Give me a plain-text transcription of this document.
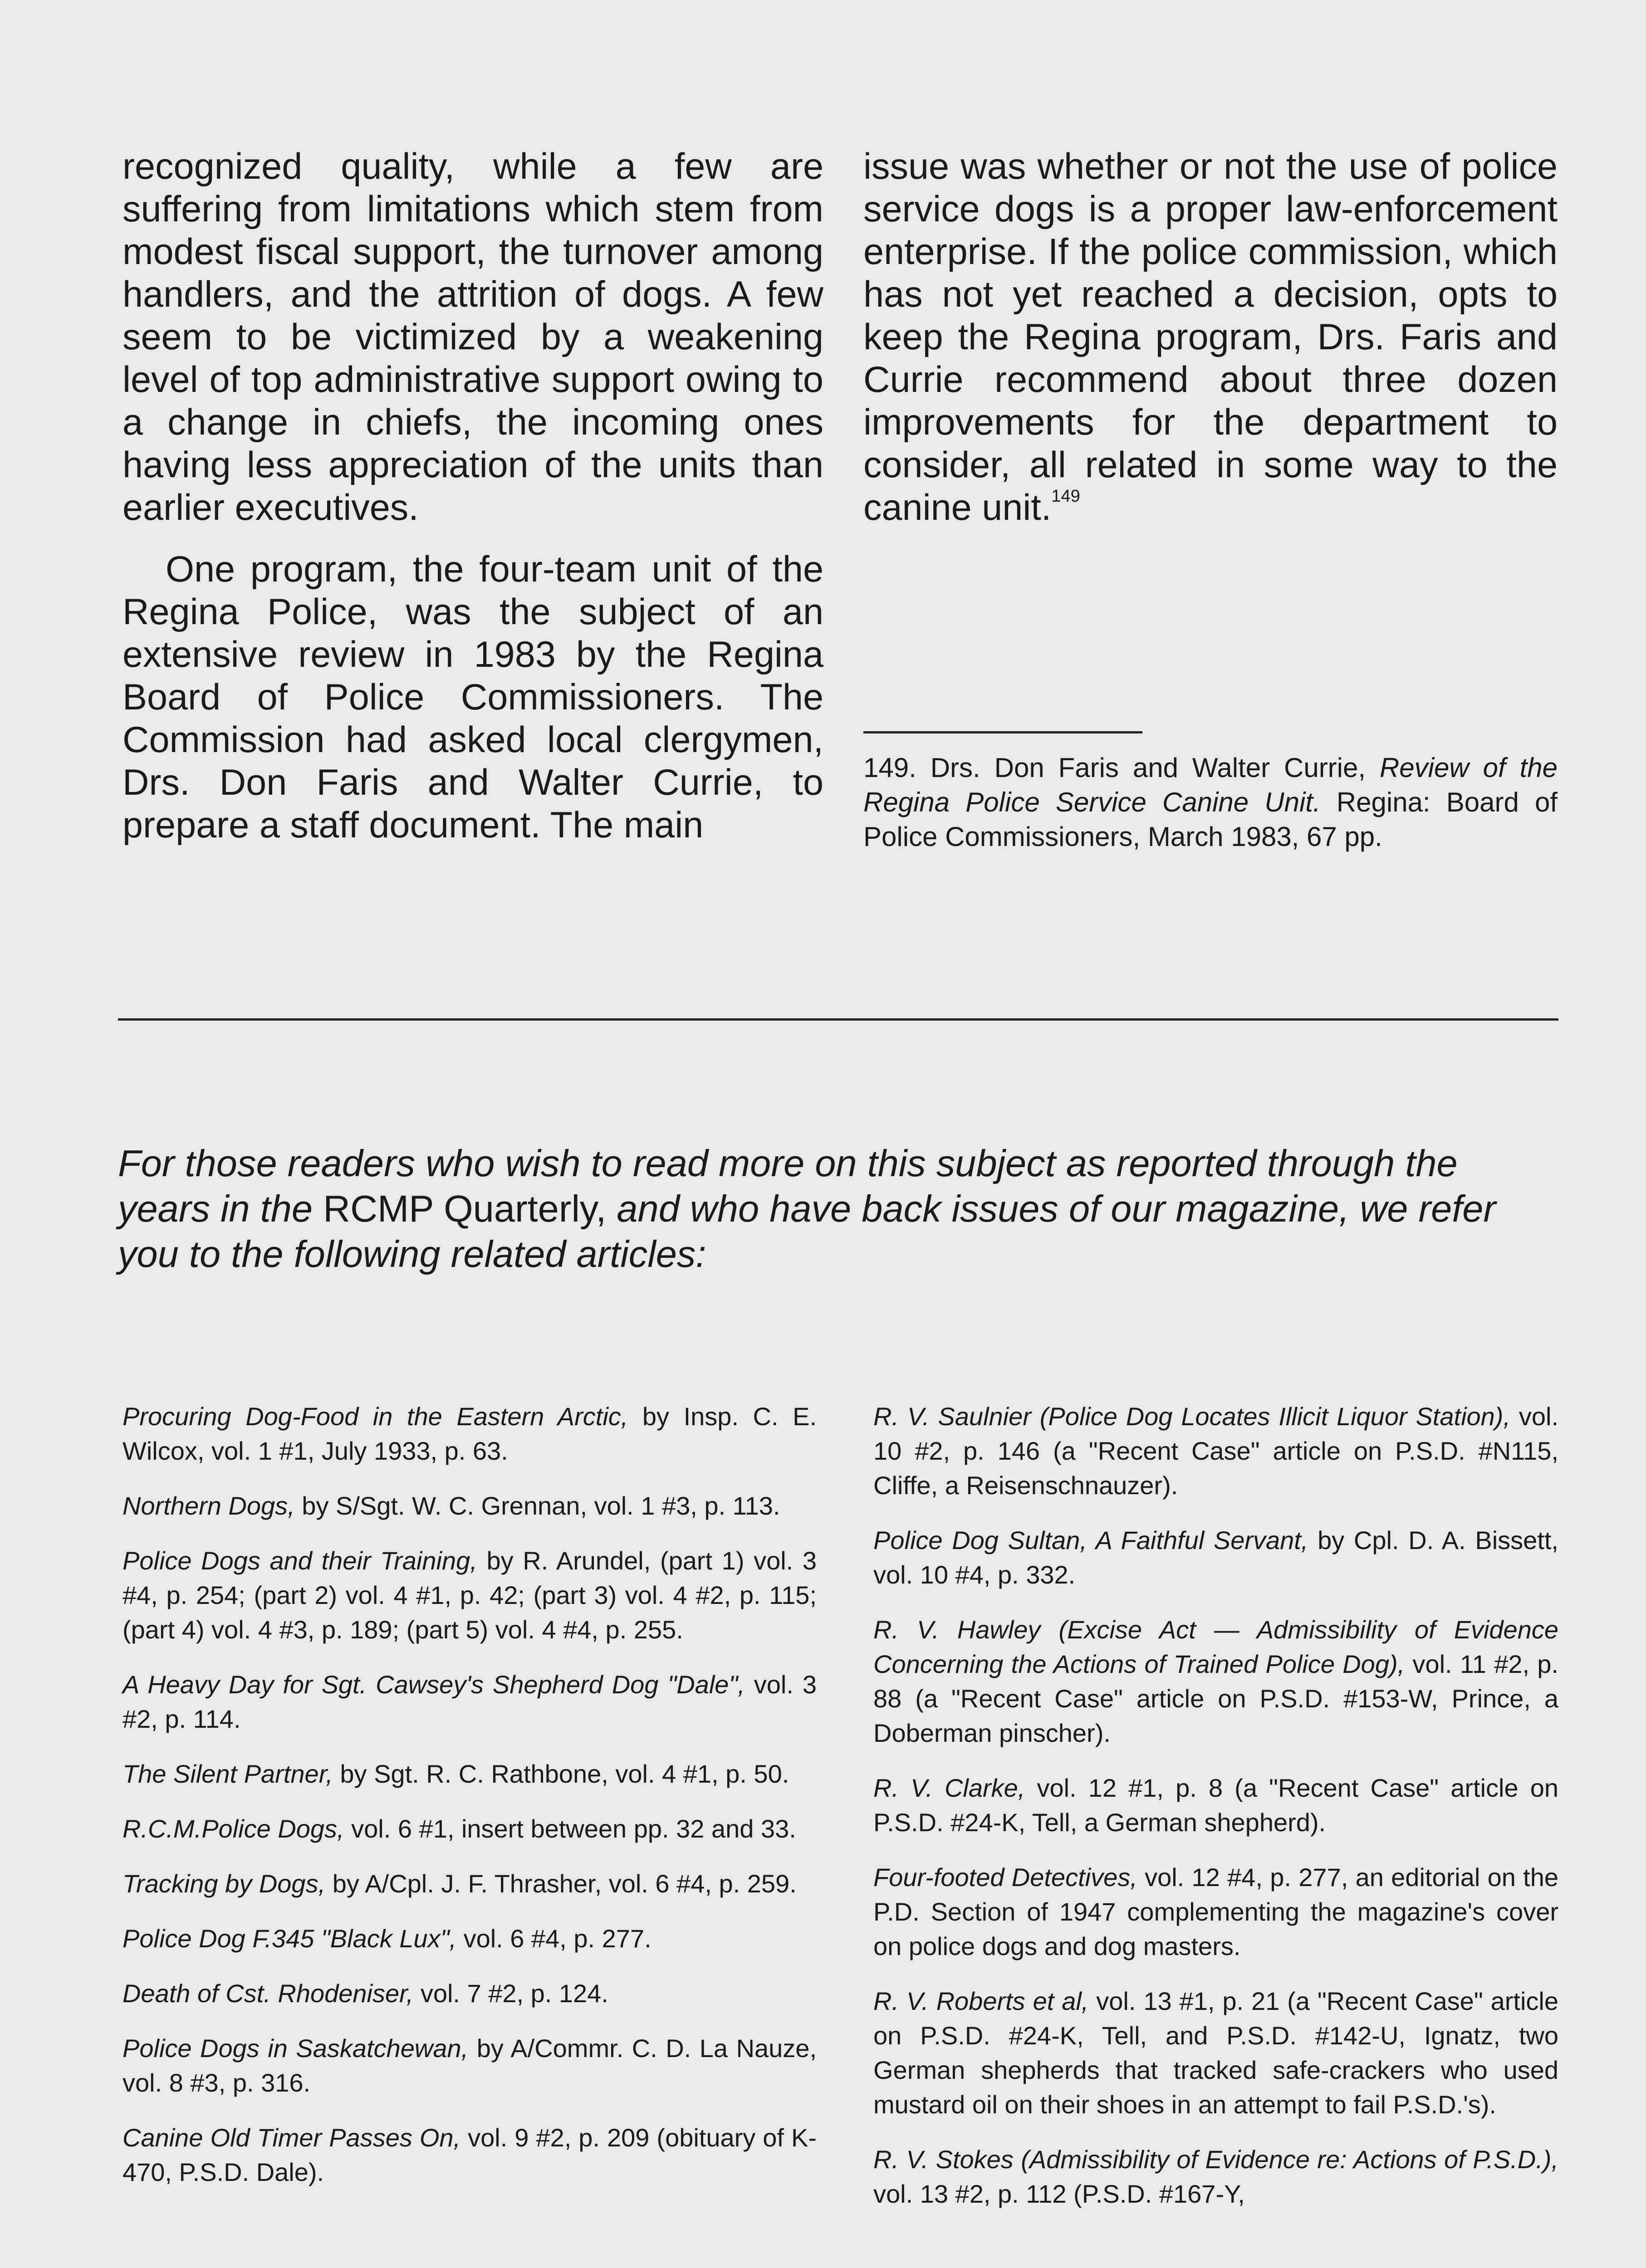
recognized quality, while a few are suffering from limitations which stem from modest fiscal support, the turnover among handlers, and the attrition of dogs. A few seem to be victimized by a weakening level of top administrative support owing to a change in chiefs, the incoming ones having less appreciation of the units than earlier executives.

One program, the four-team unit of the Regina Police, was the subject of an extensive review in 1983 by the Regina Board of Police Commissioners. The Commission had asked local clergymen, Drs. Don Faris and Walter Currie, to prepare a staff document. The main

issue was whether or not the use of police service dogs is a proper law-enforcement enterprise. If the police commission, which has not yet reached a decision, opts to keep the Regina program, Drs. Faris and Currie recommend about three dozen improvements for the department to consider, all related in some way to the canine unit.$^{149}$

149. Drs. Don Faris and Walter Currie, Review of the Regina Police Service Canine Unit. Regina: Board of Police Commissioners, March 1983, 67 pp.
For those readers who wish to read more on this subject as reported through the years in the RCMP Quarterly, and who have back issues of our magazine, we refer you to the following related articles:

Procuring Dog-Food in the Eastern Arctic, by Insp. C. E. Wilcox, vol. 1 #1, July 1933, p. 63.

Northern Dogs, by S/Sgt. W. C. Grennan, vol. 1 #3, p. 113.

Police Dogs and their Training, by R. Arundel, (part 1) vol. 3 #4, p. 254; (part 2) vol. 4 #1, p. 42; (part 3) vol. 4 #2, p. 115; (part 4) vol. 4 #3, p. 189; (part 5) vol. 4 #4, p. 255.

A Heavy Day for Sgt. Cawsey's Shepherd Dog "Dale", vol. 3 #2, p. 114.

The Silent Partner, by Sgt. R. C. Rathbone, vol. 4 #1, p. 50.

R.C.M.Police Dogs, vol. 6 #1, insert between pp. 32 and 33.

Tracking by Dogs, by A/Cpl. J. F. Thrasher, vol. 6 #4, p. 259.

Police Dog F.345 "Black Lux", vol. 6 #4, p. 277.

Death of Cst. Rhodeniser, vol. 7 #2, p. 124.

Police Dogs in Saskatchewan, by A/Commr. C. D. La Nauze, vol. 8 #3, p. 316.

Canine Old Timer Passes On, vol. 9 #2, p. 209 (obituary of K-470, P.S.D. Dale).

R. V. Saulnier (Police Dog Locates Illicit Liquor Station), vol. 10 #2, p. 146 (a "Recent Case" article on P.S.D. #N115, Cliffe, a Reisenschnauzer).

Police Dog Sultan, A Faithful Servant, by Cpl. D. A. Bissett, vol. 10 #4, p. 332.

R. V. Hawley (Excise Act — Admissibility of Evidence Concerning the Actions of Trained Police Dog), vol. 11 #2, p. 88 (a "Recent Case" article on P.S.D. #153-W, Prince, a Doberman pinscher).

R. V. Clarke, vol. 12 #1, p. 8 (a "Recent Case" article on P.S.D. #24-K, Tell, a German shepherd).

Four-footed Detectives, vol. 12 #4, p. 277, an editorial on the P.D. Section of 1947 complementing the magazine's cover on police dogs and dog masters.

R. V. Roberts et al, vol. 13 #1, p. 21 (a "Recent Case" article on P.S.D. #24-K, Tell, and P.S.D. #142-U, Ignatz, two German shepherds that tracked safe-crackers who used mustard oil on their shoes in an attempt to fail P.S.D.'s).

R. V. Stokes (Admissibility of Evidence re: Actions of P.S.D.), vol. 13 #2, p. 112 (P.S.D. #167-Y,
